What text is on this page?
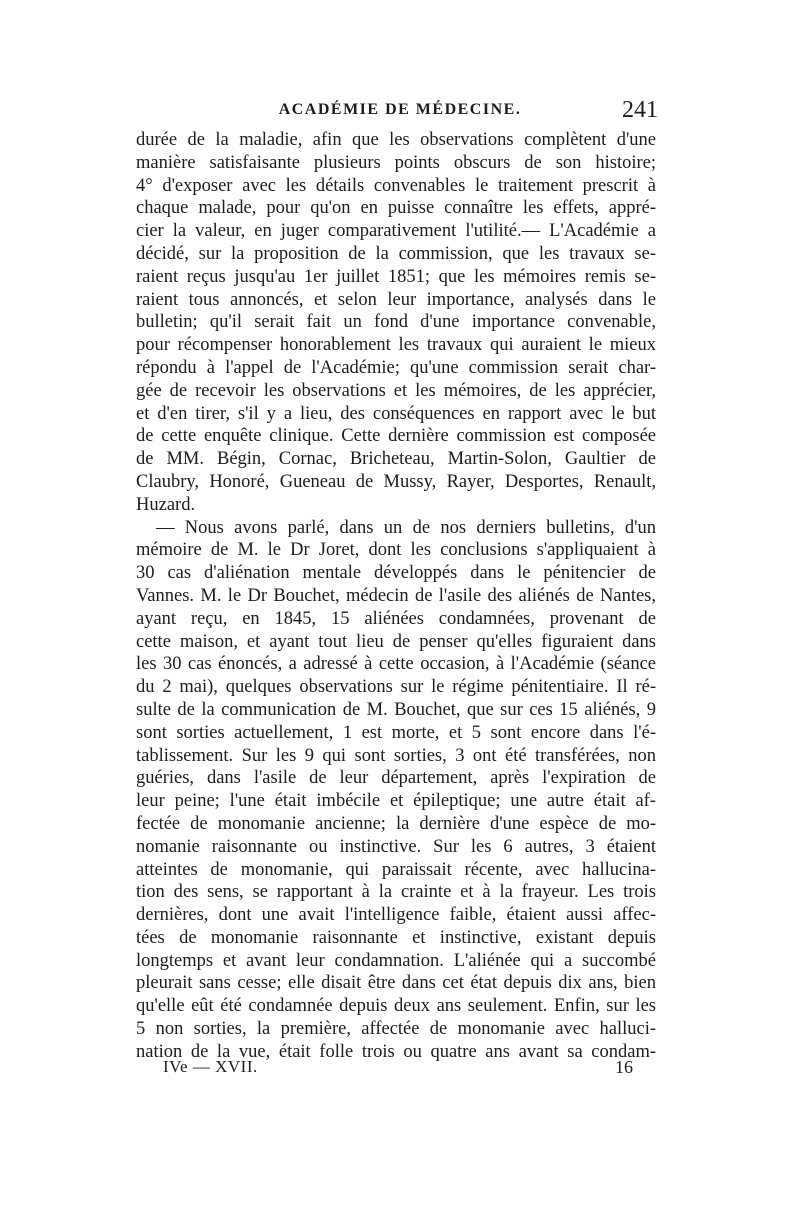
ACADÉMIE DE MÉDECINE.	241
durée de la maladie, afin que les observations complètent d'une
manière satisfaisante plusieurs points obscurs de son histoire;
4° d'exposer avec les détails convenables le traitement prescrit à
chaque malade, pour qu'on en puisse connaître les effets, appré-
cier la valeur, en juger comparativement l'utilité.— L'Académie a
décidé, sur la proposition de la commission, que les travaux se-
raient reçus jusqu'au 1er juillet 1851; que les mémoires remis se-
raient tous annoncés, et selon leur importance, analysés dans le
bulletin; qu'il serait fait un fond d'une importance convenable,
pour récompenser honorablement les travaux qui auraient le mieux
répondu à l'appel de l'Académie; qu'une commission serait char-
gée de recevoir les observations et les mémoires, de les apprécier,
et d'en tirer, s'il y a lieu, des conséquences en rapport avec le but
de cette enquête clinique. Cette dernière commission est composée
de MM. Bégin, Cornac, Bricheteau, Martin-Solon, Gaultier de
Claubry, Honoré, Gueneau de Mussy, Rayer, Desportes, Renault,
Huzard.
— Nous avons parlé, dans un de nos derniers bulletins, d'un
mémoire de M. le Dr Joret, dont les conclusions s'appliquaient à
30 cas d'aliénation mentale développés dans le pénitencier de
Vannes. M. le Dr Bouchet, médecin de l'asile des aliénés de Nantes,
ayant reçu, en 1845, 15 aliénées condamnées, provenant de
cette maison, et ayant tout lieu de penser qu'elles figuraient dans
les 30 cas énoncés, a adressé à cette occasion, à l'Académie (séance
du 2 mai), quelques observations sur le régime pénitentiaire. Il ré-
sulte de la communication de M. Bouchet, que sur ces 15 aliénés, 9
sont sorties actuellement, 1 est morte, et 5 sont encore dans l'é-
tablissement. Sur les 9 qui sont sorties, 3 ont été transférées, non
guéries, dans l'asile de leur département, après l'expiration de
leur peine; l'une était imbécile et épileptique; une autre était af-
fectée de monomanie ancienne; la dernière d'une espèce de mo-
nomanie raisonnante ou instinctive. Sur les 6 autres, 3 étaient
atteintes de monomanie, qui paraissait récente, avec hallucina-
tion des sens, se rapportant à la crainte et à la frayeur. Les trois
dernières, dont une avait l'intelligence faible, étaient aussi affec-
tées de monomanie raisonnante et instinctive, existant depuis
longtemps et avant leur condamnation. L'aliénée qui a succombé
pleurait sans cesse; elle disait être dans cet état depuis dix ans, bien
qu'elle eût été condamnée depuis deux ans seulement. Enfin, sur les
5 non sorties, la première, affectée de monomanie avec halluci-
nation de la vue, était folle trois ou quatre ans avant sa condam-
IVe — XVII.	16
